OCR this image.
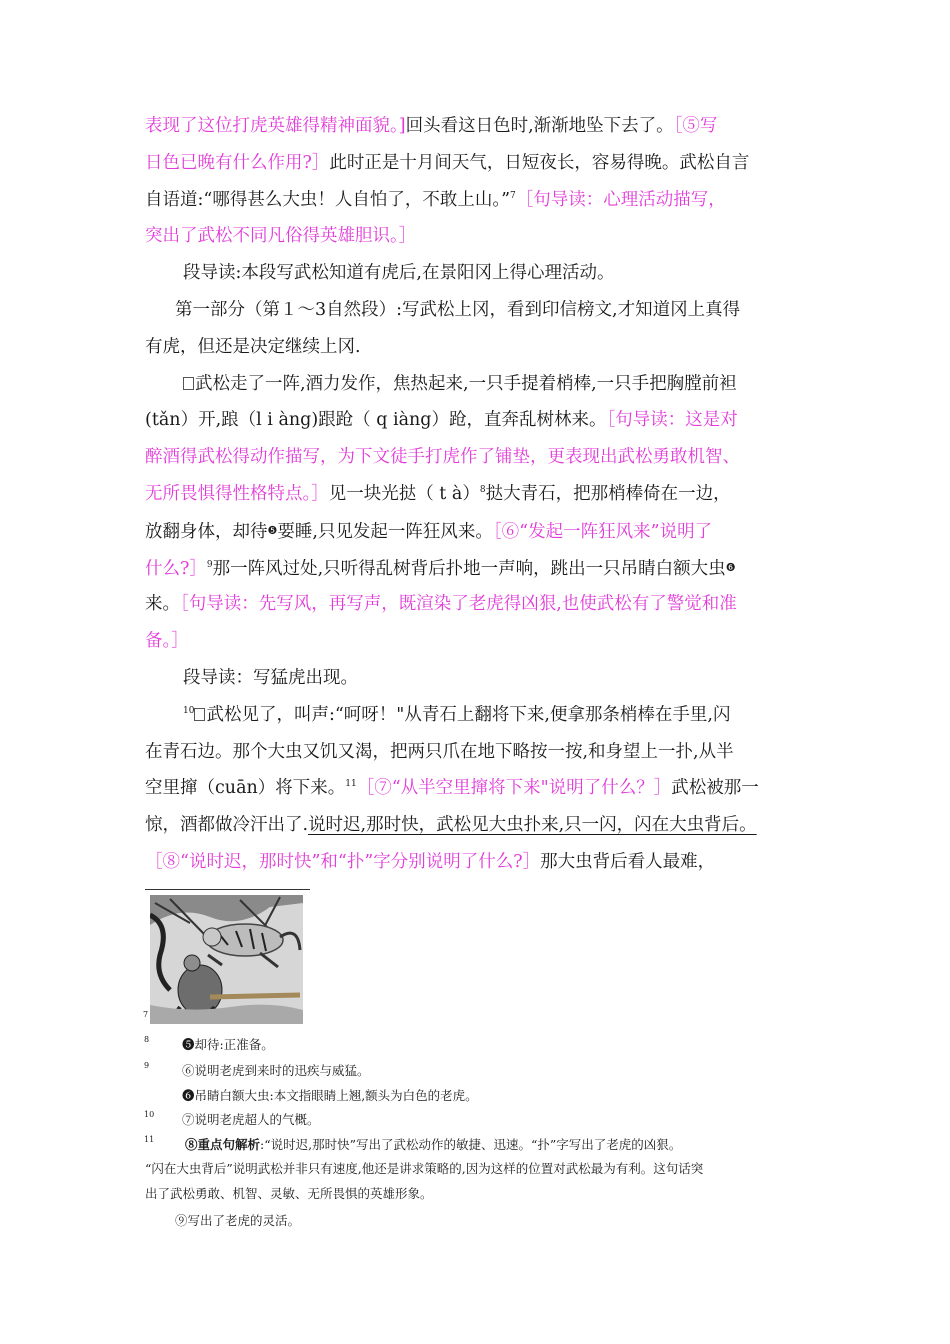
表现了这位打虎英雄得精神面貌。]回头看这日色时,渐渐地坠下去了。［⑤写
日色已晚有什么作用?］此时正是十月间天气，日短夜长，容易得晚。武松自言
自语道:“哪得甚么大虫！人自怕了，不敢上山。”$^7$［句导读：心理活动描写，
突出了武松不同凡俗得英雄胆识。］
段导读:本段写武松知道有虎后,在景阳冈上得心理活动。
第一部分（第１～3自然段）:写武松上冈，看到印信榜文,才知道冈上真得
有虎，但还是决定继续上冈.
武松走了一阵,酒力发作，焦热起来,一只手提着梢棒,一只手把胸膛前袒
(tǎn）开,踉（l i àng)跟跄（ q iàng）跄，直奔乱树林来。［句导读：这是对
醉酒得武松得动作描写，为下文徒手打虎作了铺垫，更表现出武松勇敢机智、
无所畏惧得性格特点。］见一块光挞（ t à）$^8$挞大青石，把那梢棒倚在一边，
放翻身体，却待❺要睡,只见发起一阵狂风来。［⑥“发起一阵狂风来”说明了
什么?］$^9$那一阵风过处,只听得乱树背后扑地一声响，跳出一只吊睛白额大虫❻
来。［句导读：先写风，再写声，既渲染了老虎得凶狠,也使武松有了警觉和准
备。］
段导读：写猛虎出现。
$^{10}$ 武松见了，叫声:“呵呀！"从青石上翻将下来,便拿那条梢棒在手里,闪
在青石边。那个大虫又饥又渴，把两只爪在地下略按一按,和身望上一扑,从半
空里撺（cuān）将下来。$^{11}$［⑦“从半空里撺将下来"说明了什么？］武松被那一
惊，酒都做冷汗出了.说时迟,那时快，武松见大虫扑来,只一闪，闪在大虫背后。
［⑧“说时迟，那时快”和“扑”字分别说明了什么?］那大虫背后看人最难，
7
8	❺却待:正准备。
9	⑥说明老虎到来时的迅疾与威猛。
❻吊睛白额大虫:本文指眼睛上翘,额头为白色的老虎。
10 ⑦说明老虎超人的气概。
11 ⑧重点句解析:“说时迟,那时快”写出了武松动作的敏捷、迅速。“扑”字写出了老虎的凶狠。
“闪在大虫背后”说明武松并非只有速度,他还是讲求策略的,因为这样的位置对武松最为有利。这句话突
出了武松勇敢、机智、灵敏、无所畏惧的英雄形象。
⑨写出了老虎的灵活。
